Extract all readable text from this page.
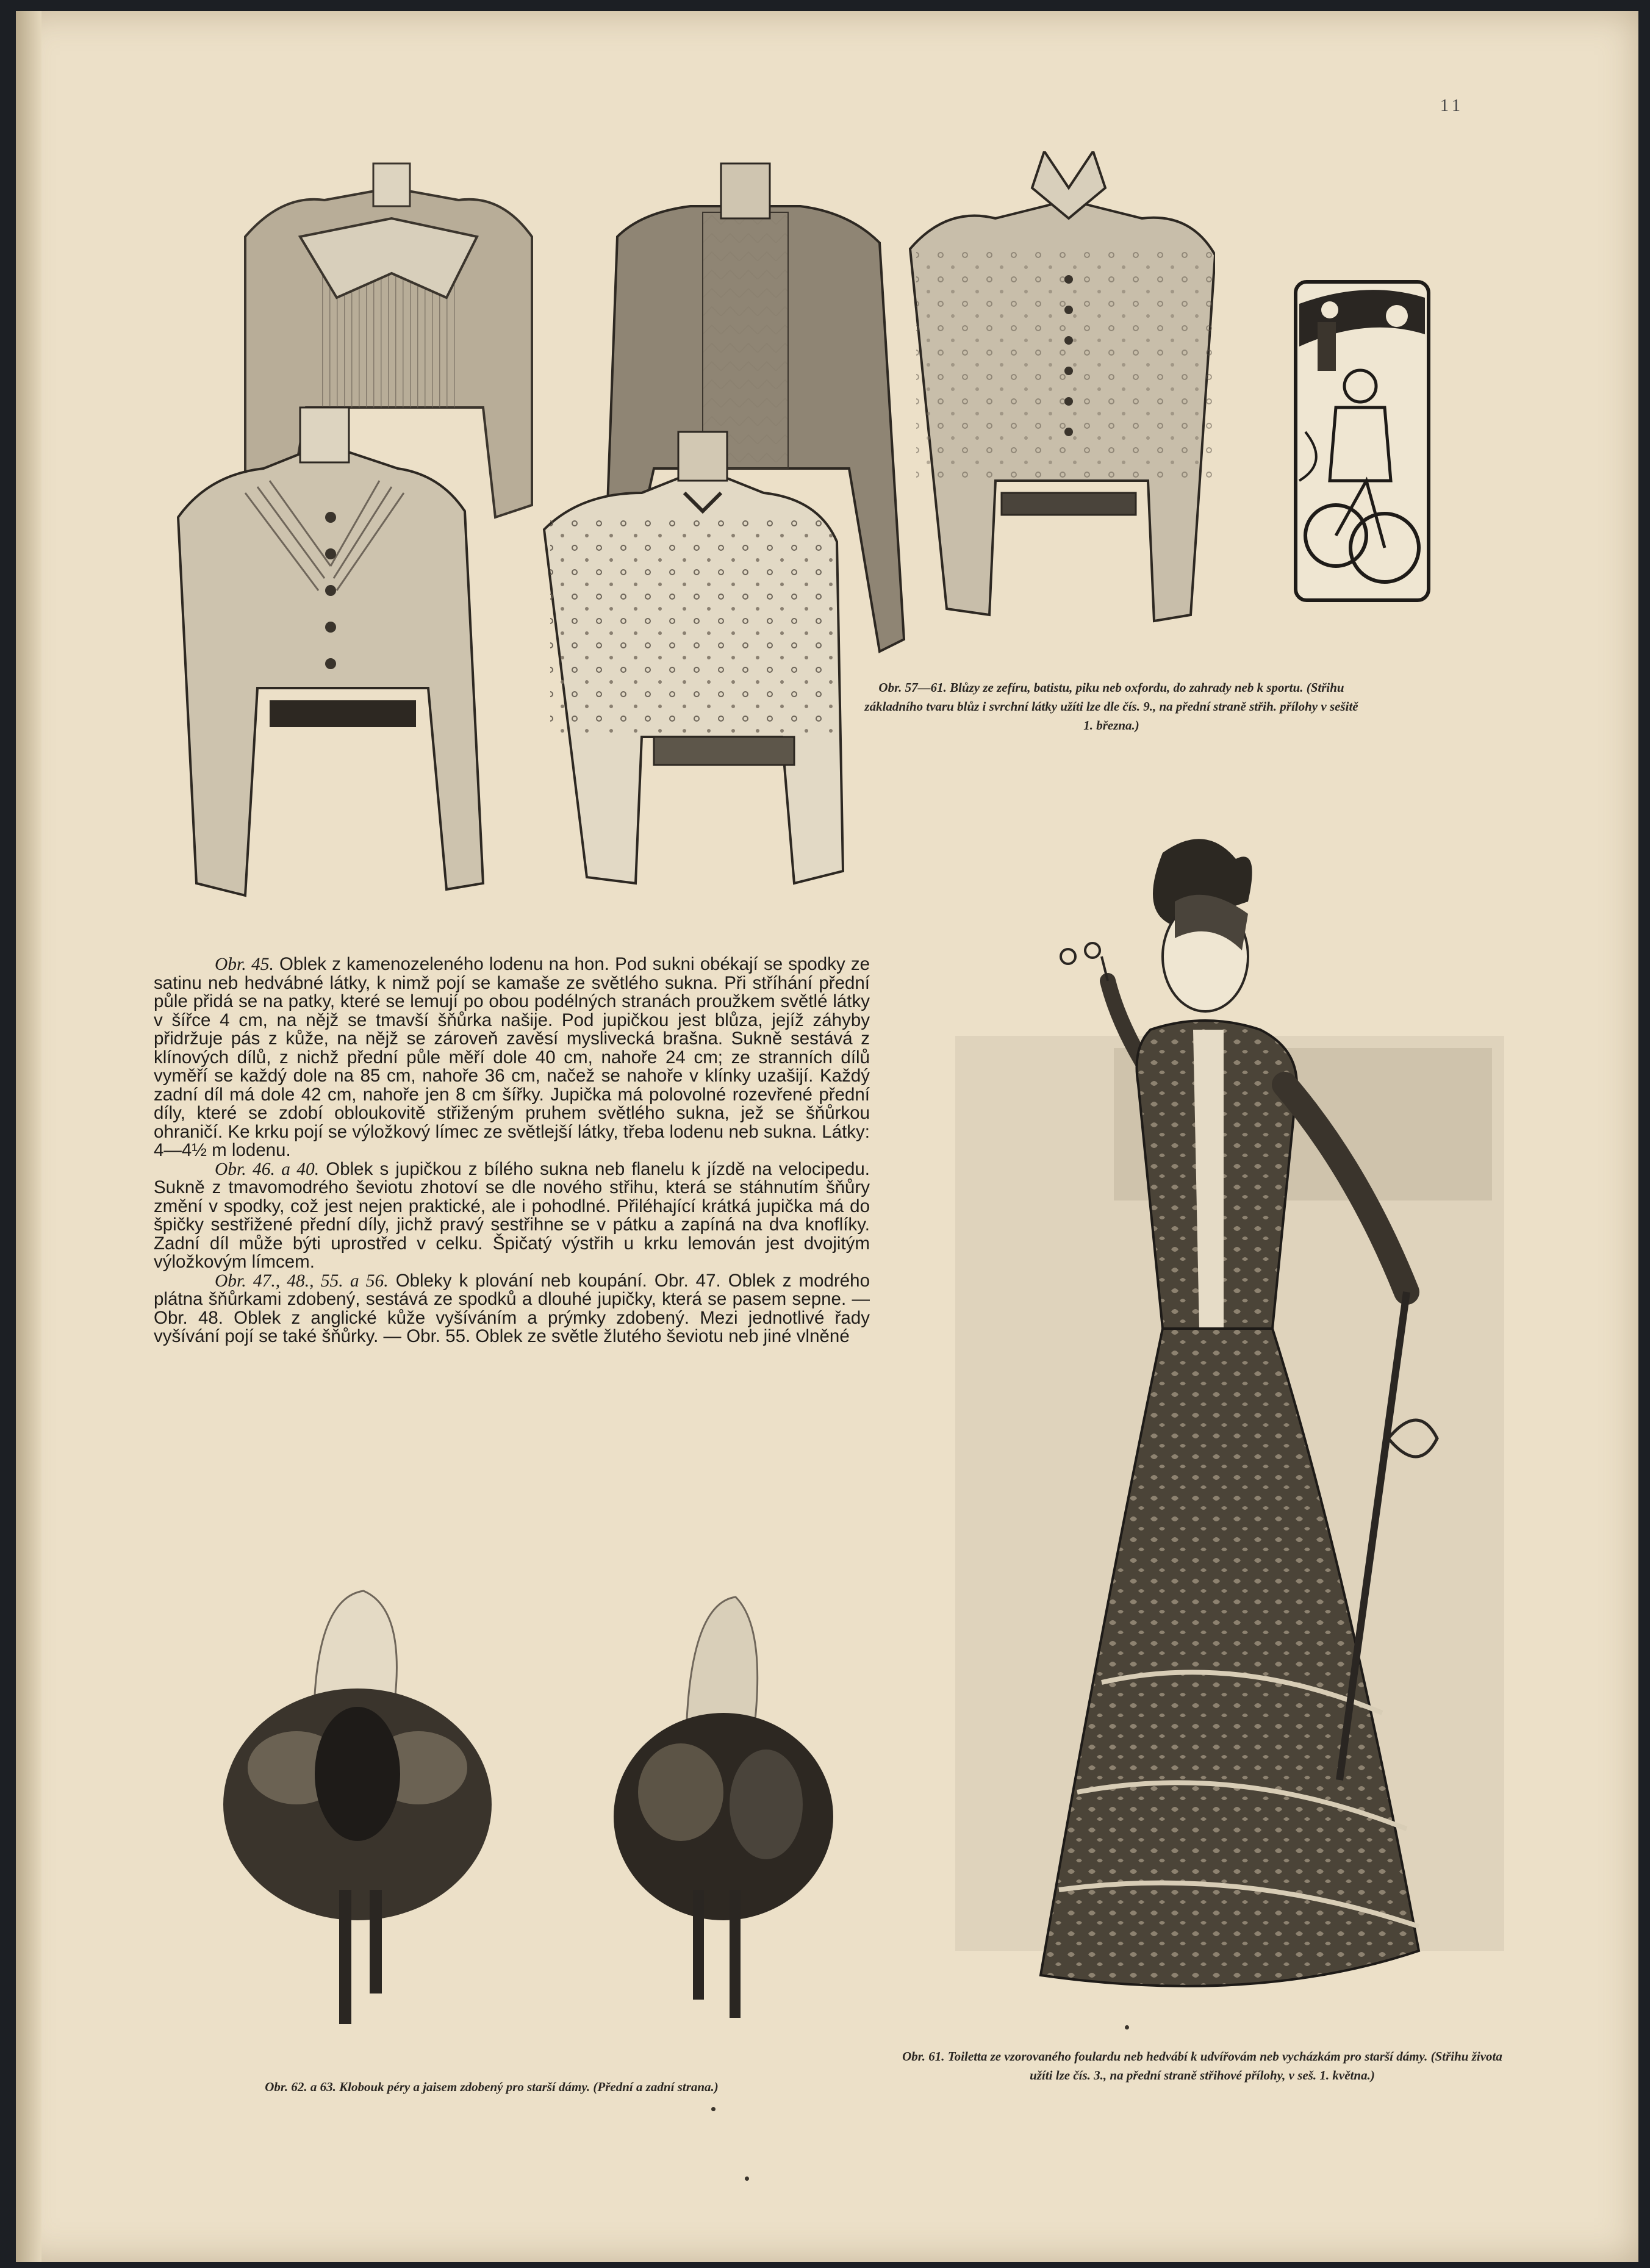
11
Obr. 57—61. Blůzy ze zefíru, batistu, piku neb oxfordu, do zahrady neb k sportu. (Střihu základního tvaru blůz i svrchní látky užíti lze dle čís. 9., na přední straně střih. přílohy v sešitě 1. března.)

Obr. 45. Oblek z kamenozeleného lodenu na hon. Pod sukni obékají se spodky ze satinu neb hedvábné látky, k nimž pojí se kamaše ze světlého sukna. Při stříhání přední půle přidá se na patky, které se lemují po obou podélných stranách proužkem světlé látky v šířce 4 cm, na nějž se tmavší šňůrka našije. Pod jupičkou jest blůza, jejíž záhyby přidržuje pás z kůže, na nějž se zároveň zavěsí myslivecká brašna. Sukně sestává z klínových dílů, z nichž přední půle měří dole 40 cm, nahoře 24 cm; ze stranních dílů vyměří se každý dole na 85 cm, nahoře 36 cm, načež se nahoře v klínky uzašijí. Každý zadní díl má dole 42 cm, nahoře jen 8 cm šířky. Jupička má polovolné rozevřené přední díly, které se zdobí obloukovitě střiženým pruhem světlého sukna, jež se šňůrkou ohraničí. Ke krku pojí se výložkový límec ze světlejší látky, třeba lodenu neb sukna. Látky: 4—4½ m lodenu.

Obr. 46. a 40. Oblek s jupičkou z bílého sukna neb flanelu k jízdě na velocipedu. Sukně z tmavomodrého ševiotu zhotoví se dle nového střihu, která se stáhnutím šňůry změní v spodky, což jest nejen praktické, ale i pohodlné. Přiléhající krátká jupička má do špičky sestřižené přední díly, jichž pravý sestřihne se v pátku a zapíná na dva knoflíky. Zadní díl může býti uprostřed v celku. Špičatý výstřih u krku lemován jest dvojitým výložkovým límcem.

Obr. 47., 48., 55. a 56. Obleky k plování neb koupání. Obr. 47. Oblek z modrého plátna šňůrkami zdobený, sestává ze spodků a dlouhé jupičky, která se pasem sepne. — Obr. 48. Oblek z anglické kůže vyšíváním a prýmky zdobený. Mezi jednotlivé řady vyšívání pojí se také šňůrky. — Obr. 55. Oblek ze světle žlutého ševiotu neb jiné vlněné

Obr. 62. a 63. Klobouk péry a jaisem zdobený pro starší dámy. (Přední a zadní strana.)
Obr. 61. Toiletta ze vzorovaného foulardu neb hedvábí k udvířovám neb vycházkám pro starší dámy. (Střihu života užíti lze čís. 3., na přední straně střihové přílohy, v seš. 1. května.)
